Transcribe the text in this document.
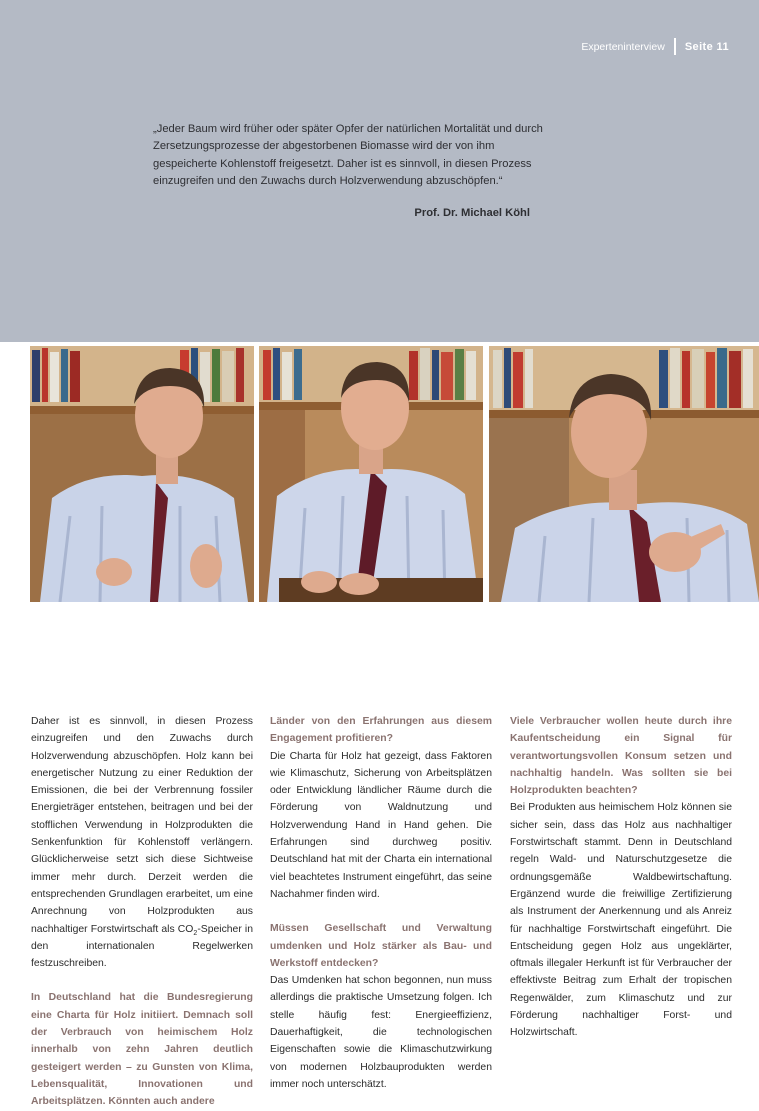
Experteninterview Seite 11

„Jeder Baum wird früher oder später Opfer der natürlichen Mortalität und durch Zersetzungsprozesse der abgestorbenen Biomasse wird der von ihm gespeicherte Kohlenstoff freigesetzt. Daher ist es sinnvoll, in diesen Prozess einzugreifen und den Zuwachs durch Holzverwendung abzuschöpfen.“

Prof. Dr. Michael Köhl

Daher ist es sinnvoll, in diesen Prozess einzugreifen und den Zuwachs durch Holzverwendung abzuschöpfen. Holz kann bei energetischer Nutzung zu einer Reduktion der Emissionen, die bei der Verbrennung fossiler Energieträger entstehen, beitragen und bei der stofflichen Verwendung in Holzprodukten die Senkenfunktion für Kohlenstoff verlängern. Glücklicherweise setzt sich diese Sichtweise immer mehr durch. Derzeit werden die entsprechenden Grundlagen erarbeitet, um eine Anrechnung von Holzprodukten aus nachhaltiger Forstwirtschaft als $CO_2$-Speicher in den internationalen Regelwerken festzuschreiben.

In Deutschland hat die Bundesregierung eine Charta für Holz initiiert. Demnach soll der Verbrauch von heimischem Holz innerhalb von zehn Jahren deutlich gesteigert werden – zu Gunsten von Klima, Lebensqualität, Innovationen und Arbeitsplätzen. Könnten auch andere

Länder von den Erfahrungen aus diesem Engagement profitieren?

Die Charta für Holz hat gezeigt, dass Faktoren wie Klimaschutz, Sicherung von Arbeitsplätzen oder Entwicklung ländlicher Räume durch die Förderung von Waldnutzung und Holzverwendung Hand in Hand gehen. Die Erfahrungen sind durchweg positiv. Deutschland hat mit der Charta ein international viel beachtetes Instrument eingeführt, das seine Nachahmer finden wird.

Müssen Gesellschaft und Verwaltung umdenken und Holz stärker als Bau- und Werkstoff entdecken?

Das Umdenken hat schon begonnen, nun muss allerdings die praktische Umsetzung folgen. Ich stelle häufig fest: Energieeffizienz, Dauerhaftigkeit, die technologischen Eigenschaften sowie die Klimaschutzwirkung von modernen Holzbauprodukten werden immer noch unterschätzt.

Viele Verbraucher wollen heute durch ihre Kaufentscheidung ein Signal für verantwortungsvollen Konsum setzen und nachhaltig handeln. Was sollten sie bei Holzprodukten beachten?

Bei Produkten aus heimischem Holz können sie sicher sein, dass das Holz aus nachhaltiger Forstwirtschaft stammt. Denn in Deutschland regeln Wald- und Naturschutzgesetze die ordnungsgemäße Waldbewirtschaftung. Ergänzend wurde die freiwillige Zertifizierung als Instrument der Anerkennung und als Anreiz für nachhaltige Forstwirtschaft eingeführt. Die Entscheidung gegen Holz aus ungeklärter, oftmals illegaler Herkunft ist für Verbraucher der effektivste Beitrag zum Erhalt der tropischen Regenwälder, zum Klimaschutz und zur Förderung nachhaltiger Forst- und Holzwirtschaft.
